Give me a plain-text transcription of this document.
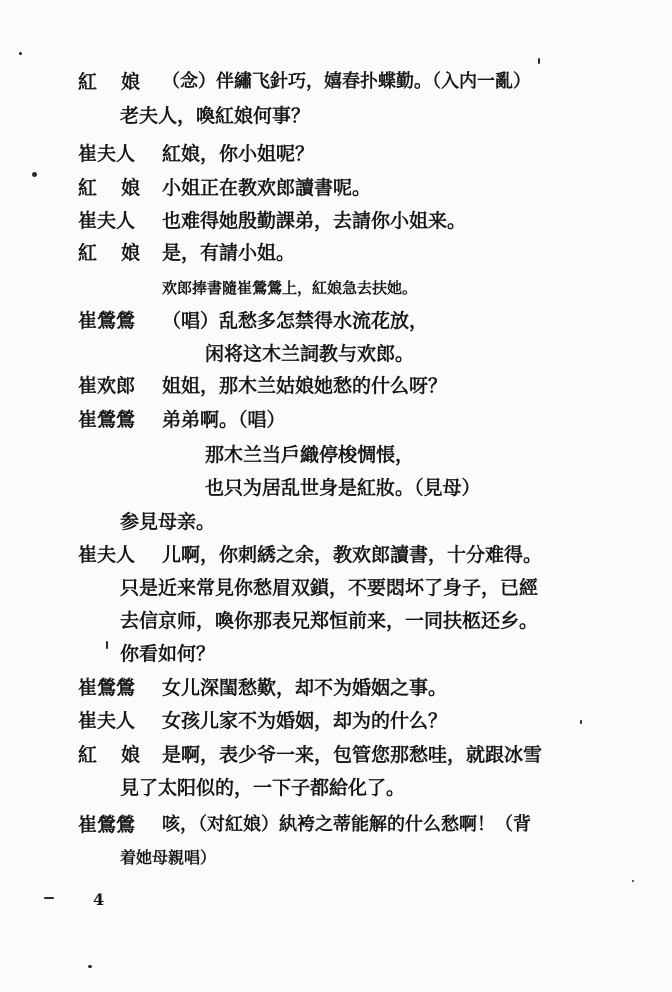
紅 娘 （念）伴繡飞針巧，嬉春扑蝶勤。（入内一亂）
老夫人，喚紅娘何事？
崔夫人 紅娘，你小姐呢？
紅 娘 小姐正在教欢郎讀書呢。
崔夫人 也难得她殷勤課弟，去請你小姐来。
紅 娘 是，有請小姐。
欢郎捧書隨崔鶯鶯上，紅娘急去扶她。
崔鶯鶯 （唱）乱愁多怎禁得水流花放，
闲将这木兰詞教与欢郎。
崔欢郎 姐姐，那木兰姑娘她愁的什么呀？
崔鶯鶯 弟弟啊。（唱）
那木兰当戶織停梭惆悵，
也只为居乱世身是紅妝。（見母）
参見母亲。
崔夫人 儿啊，你刺綉之余，教欢郎讀書，十分难得。
只是近来常見你愁眉双鎖，不要悶坏了身子，已經
去信京师，喚你那表兄郑恒前来，一同扶柩还乡。
你看如何？
崔鶯鶯 女儿深閨愁歎，却不为婚姻之事。
崔夫人 女孩儿家不为婚姻，却为的什么？
紅 娘 是啊，表少爷一来，包管您那愁哇，就跟冰雪
見了太阳似的，一下子都給化了。
崔鶯鶯 咳，（对紅娘）紈袴之蒂能解的什么愁啊！（背
着她母親唱）
4
